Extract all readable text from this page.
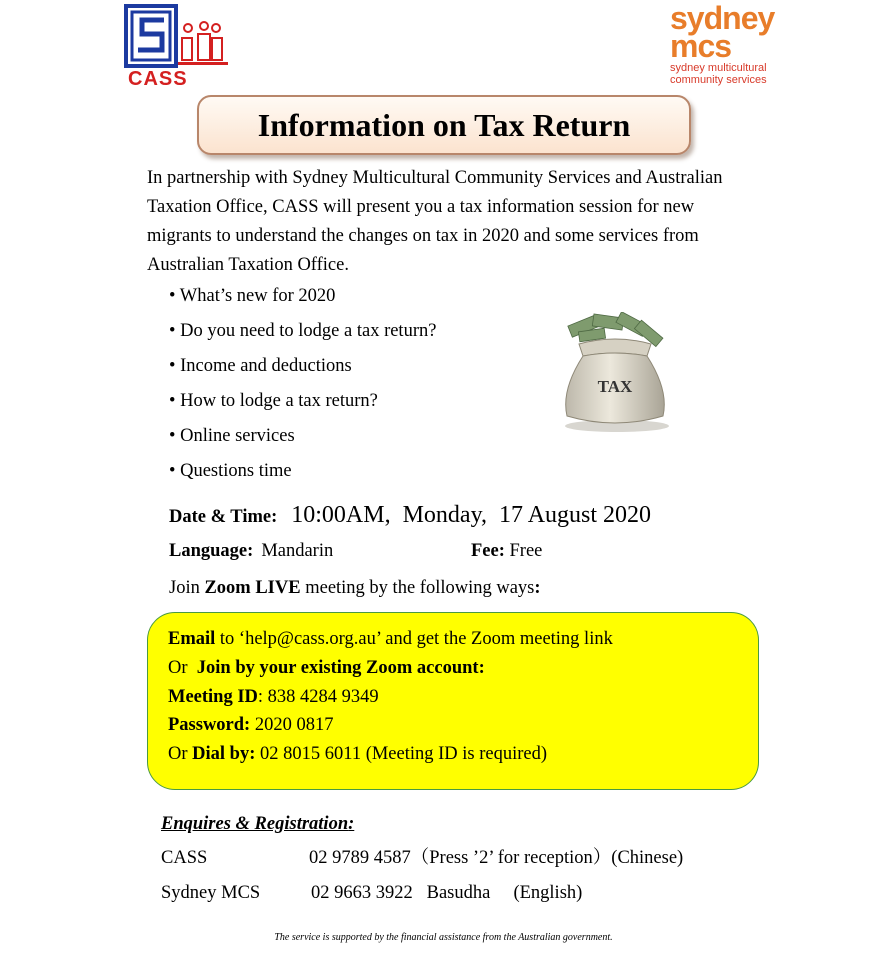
CASS
sydney
mcs
sydney multicultural
community services
Information on Tax Return
In partnership with Sydney Multicultural Community Services and Australian
Taxation Office, CASS will present you a tax information session for new
migrants to understand the changes on tax in 2020 and some services from
Australian Taxation Office.
• What’s new for 2020
• Do you need to lodge a tax return?
• Income and deductions
• How to lodge a tax return?
• Online services
• Questions time
TAX
Date & Time: 10:00AM,  Monday,  17 August 2020
Language: Mandarin	Fee: Free
Join Zoom LIVE meeting by the following ways:
Email to ‘help@cass.org.au’ and get the Zoom meeting link
Or  Join by your existing Zoom account:
Meeting ID: 838 4284 9349
Password: 2020 0817
Or Dial by: 02 8015 6011 (Meeting ID is required)
Enquires & Registration:
CASS	02 9789 4587（Press ’2’ for reception）(Chinese)
Sydney MCS	02 9663 3922   Basudha     (English)
The service is supported by the financial assistance from the Australian government.
